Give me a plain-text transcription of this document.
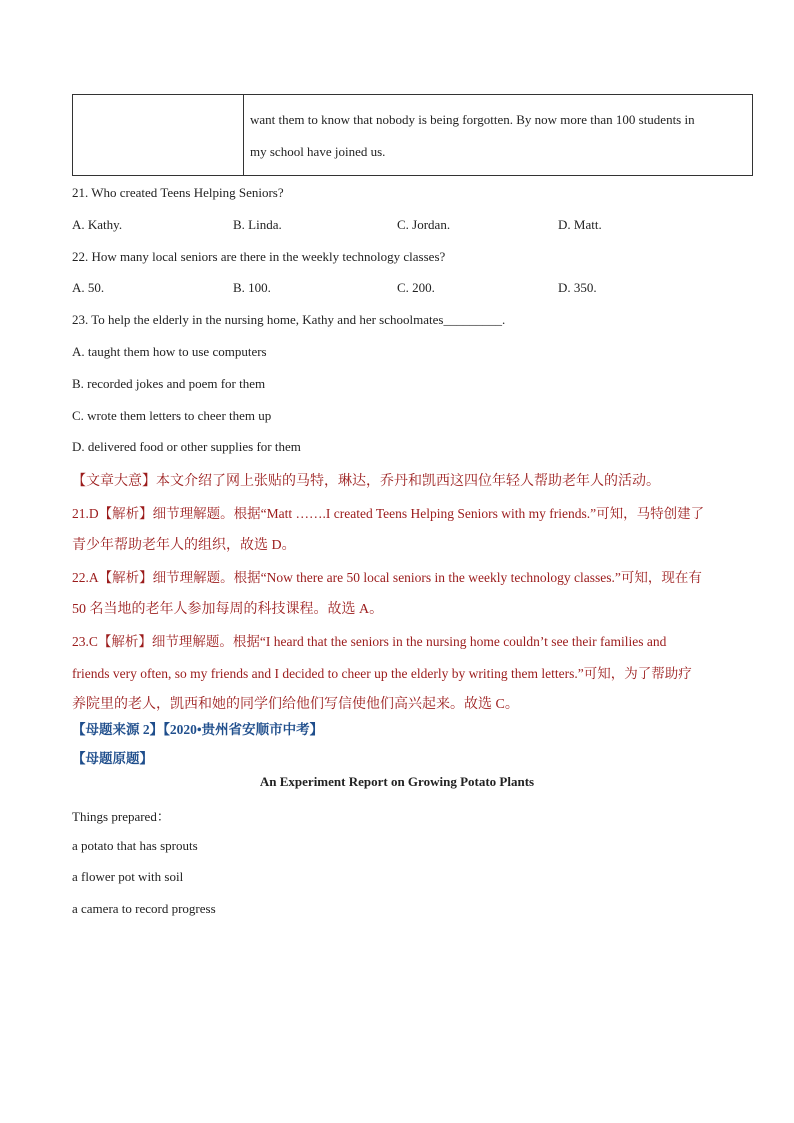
want them to know that nobody is being forgotten. By now more than 100 students in
my school have joined us.
21. Who created Teens Helping Seniors?
A. Kathy.	B. Linda.	C. Jordan.	D. Matt.
22. How many local seniors are there in the weekly technology classes?
A. 50.	B. 100.	C. 200.	D. 350.
23. To help the elderly in the nursing home, Kathy and her schoolmates_________.
A. taught them how to use computers
B. recorded jokes and poem for them
C. wrote them letters to cheer them up
D. delivered food or other supplies for them
【文章大意】本文介绍了网上张贴的马特，琳达，乔丹和凯西这四位年轻人帮助老年人的活动。
21.D【解析】细节理解题。根据“Matt …….I created Teens Helping Seniors with my friends.”可知，马特创建了
青少年帮助老年人的组织，故选 D。
22.A【解析】细节理解题。根据“Now there are 50 local seniors in the weekly technology classes.”可知，现在有
50 名当地的老年人参加每周的科技课程。故选 A。
23.C【解析】细节理解题。根据“I heard that the seniors in the nursing home couldn’t see their families and
friends very often, so my friends and I decided to cheer up the elderly by writing them letters.”可知，为了帮助疗
养院里的老人，凯西和她的同学们给他们写信使他们高兴起来。故选 C。
【母题来源 2】【2020•贵州省安顺市中考】
【母题原题】
An Experiment Report on Growing Potato Plants
Things prepared：
a potato that has sprouts
a flower pot with soil
a camera to record progress
